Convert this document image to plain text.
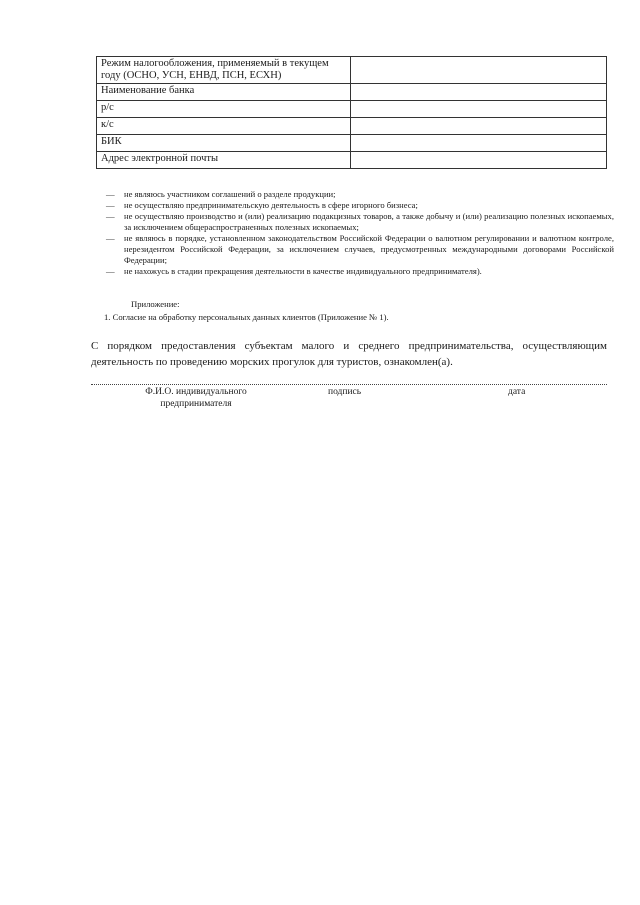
Режим налогообложения, применяемый в текущем году (ОСНО, УСН, ЕНВД, ПСН, ЕСХН)	
Наименование банка	
р/с	
к/с	
БИК	
Адрес электронной почты	
—	не являюсь участником соглашений о разделе продукции;
—	не осуществляю предпринимательскую деятельность в сфере игорного бизнеса;
—	не осуществляю производство и (или) реализацию подакцизных товаров, а также добычу и (или) реализацию полезных ископаемых, за исключением общераспространенных полезных ископаемых;
—	не являюсь в порядке, установленном законодательством Российской Федерации о валютном регулировании и валютном контроле, нерезидентом Российской Федерации, за исключением случаев, предусмотренных международными договорами Российской Федерации;
—	не нахожусь в стадии прекращения деятельности в качестве индивидуального предпринимателя).
Приложение:
1. Согласие на обработку персональных данных клиентов (Приложение № 1).
С порядком предоставления субъектам малого и среднего предпринимательства, осуществляющим деятельность по проведению морских прогулок для туристов, ознакомлен(а).
Ф.И.О. индивидуального предпринимателя
подпись	дата
